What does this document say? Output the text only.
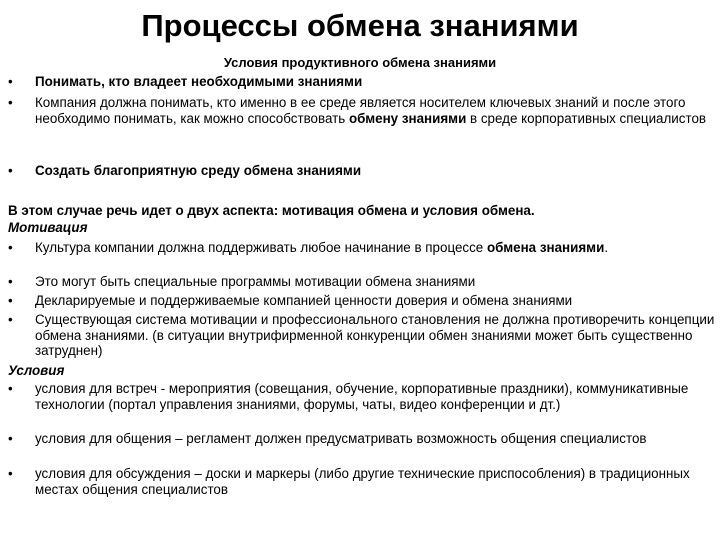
Процессы обмена знаниями
Условия продуктивного обмена знаниями
• Понимать, кто владеет необходимыми знаниями
• Компания должна понимать, кто именно в ее среде является носителем ключевых знаний и после этого необходимо понимать, как можно способствовать обмену знаниями в среде корпоративных специалистов
• Создать благоприятную среду обмена знаниями
В этом случае речь идет о двух аспекта: мотивация обмена и условия обмена.
Мотивация
• Культура компании должна поддерживать любое начинание в процессе обмена знаниями.
• Это могут быть специальные программы мотивации обмена знаниями
• Декларируемые и поддерживаемые компанией ценности доверия и обмена знаниями
• Существующая система мотивации и профессионального становления не должна противоречить концепции обмена знаниями. (в ситуации внутрифирменной конкуренции обмен знаниями может быть существенно затруднен)
Условия
• условия для встреч - мероприятия (совещания, обучение, корпоративные праздники), коммуникативные технологии (портал управления знаниями, форумы, чаты, видео конференции и дт.)
• условия для общения – регламент должен предусматривать возможность общения специалистов
• условия для обсуждения – доски и маркеры (либо другие технические приспособления) в традиционных местах общения специалистов
